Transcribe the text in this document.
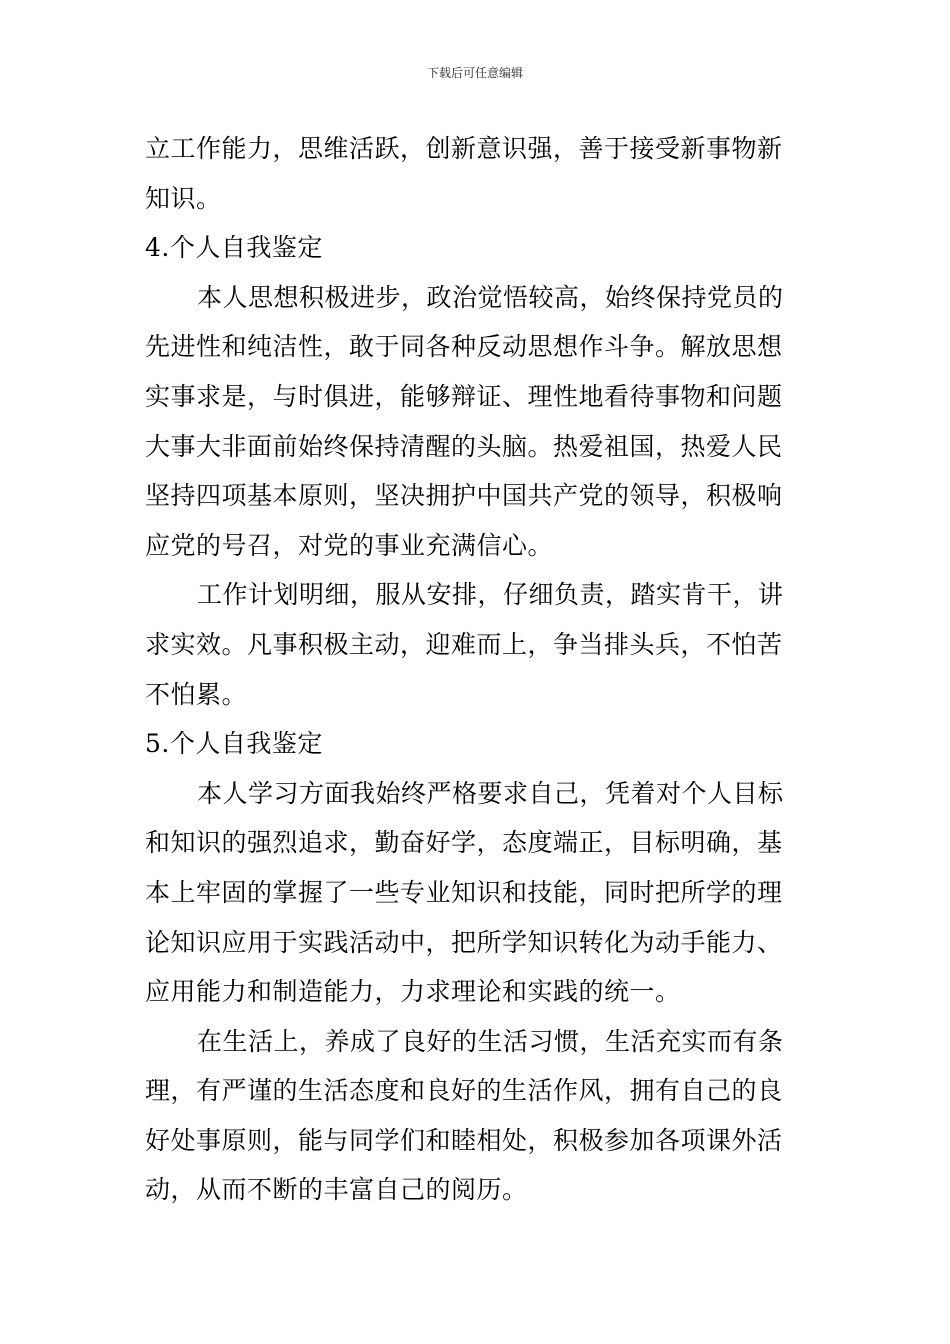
下载后可任意编辑
立工作能力，思维活跃，创新意识强，善于接受新事物新
知识。
4.个人自我鉴定
本人思想积极进步，政治觉悟较高，始终保持党员的
先进性和纯洁性，敢于同各种反动思想作斗争。解放思想
实事求是，与时俱进，能够辩证、理性地看待事物和问题
大事大非面前始终保持清醒的头脑。热爱祖国，热爱人民
坚持四项基本原则，坚决拥护中国共产党的领导，积极响
应党的号召，对党的事业充满信心。
工作计划明细，服从安排，仔细负责，踏实肯干，讲
求实效。凡事积极主动，迎难而上，争当排头兵，不怕苦
不怕累。
5.个人自我鉴定
本人学习方面我始终严格要求自己，凭着对个人目标
和知识的强烈追求，勤奋好学，态度端正，目标明确，基
本上牢固的掌握了一些专业知识和技能，同时把所学的理
论知识应用于实践活动中，把所学知识转化为动手能力、
应用能力和制造能力，力求理论和实践的统一。
在生活上，养成了良好的生活习惯，生活充实而有条
理，有严谨的生活态度和良好的生活作风，拥有自己的良
好处事原则，能与同学们和睦相处，积极参加各项课外活
动，从而不断的丰富自己的阅历。
